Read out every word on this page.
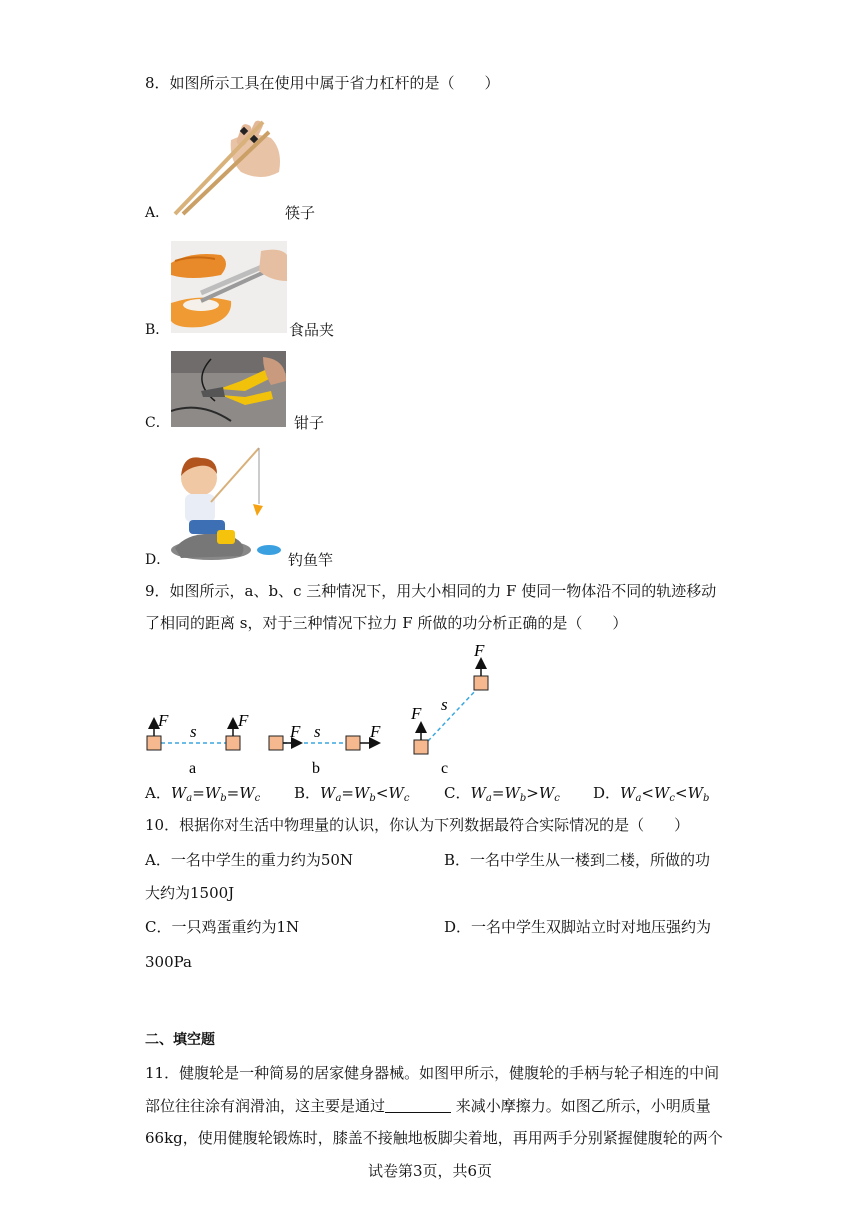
8．如图所示工具在使用中属于省力杠杆的是（　　）
A．	筷子
B．	食品夹
C．	钳子
D．	钓鱼竿
9．如图所示，a、b、c 三种情况下，用大小相同的力 F 使同一物体沿不同的轨迹移动
了相同的距离 s，对于三种情况下拉力 F 所做的功分析正确的是（　　）
F	F
s
a
F	F
s
b
F
F
s
c
A．$W_a=W_b=W_c$ B．$W_a=W_b<W_c$ C．$W_a=W_b>W_c$ D．$W_a<W_c<W_b$
10．根据你对生活中物理量的认识，你认为下列数据最符合实际情况的是（　　）
A．一名中学生的重力约为50N	B．一名中学生从一楼到二楼，所做的功
大约为1500J
C．一只鸡蛋重约为1N	D．一名中学生双脚站立时对地压强约为
300Pa
二、填空题
11．健腹轮是一种简易的居家健身器械。如图甲所示，健腹轮的手柄与轮子相连的中间
部位往往涂有润滑油，这主要是通过	来减小摩擦力。如图乙所示，小明质量
66kg，使用健腹轮锻炼时，膝盖不接触地板脚尖着地，再用两手分别紧握健腹轮的两个
试卷第3页，共6页
